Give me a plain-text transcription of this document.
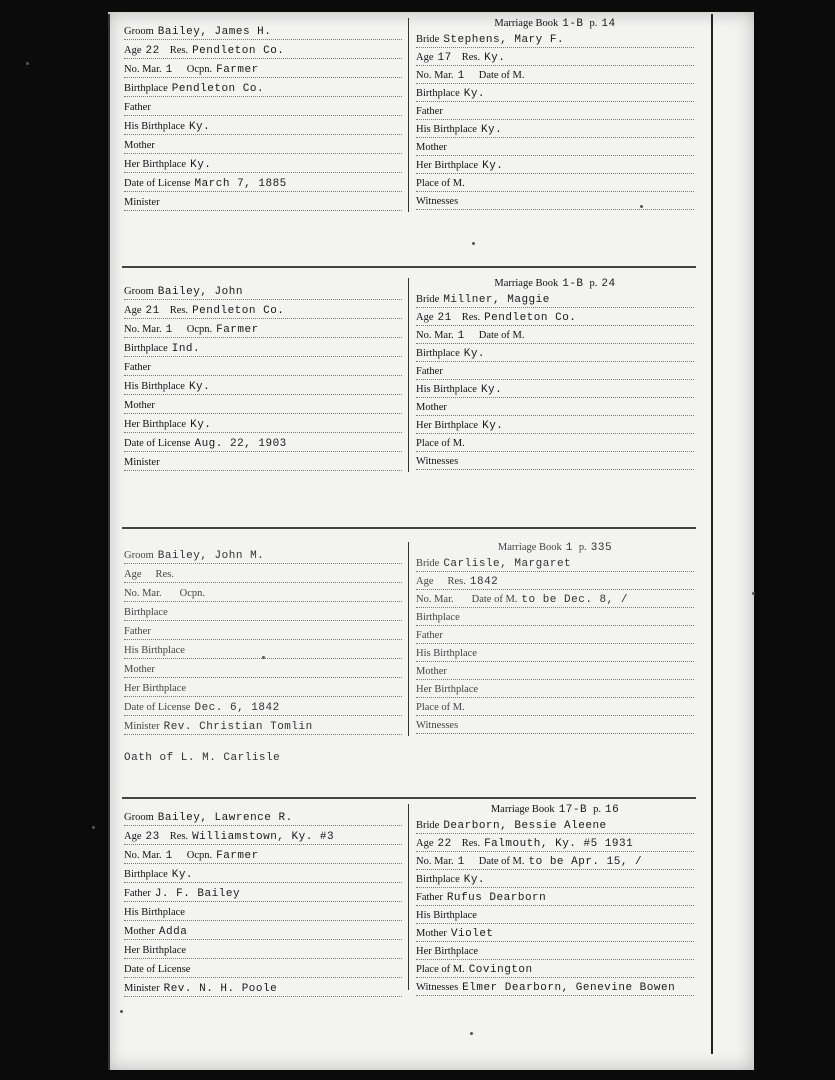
Groom Bailey, James H.
Age 22 Res. Pendleton Co.
No. Mar. 1 Ocpn. Farmer
Birthplace Pendleton Co.
Father
His Birthplace Ky.
Mother
Her Birthplace Ky.
Date of License March 7, 1885
Minister
Marriage Book 1-B p. 14
Bride Stephens, Mary F.
Age 17 Res. Ky.
No. Mar. 1 Date of M.
Birthplace Ky.
Father
His Birthplace Ky.
Mother
Her Birthplace Ky.
Place of M.
Witnesses
Groom Bailey, John
Age 21 Res. Pendleton Co.
No. Mar. 1 Ocpn. Farmer
Birthplace Ind.
Father
His Birthplace Ky.
Mother
Her Birthplace Ky.
Date of License Aug. 22, 1903
Minister
Marriage Book 1-B p. 24
Bride Millner, Maggie
Age 21 Res. Pendleton Co.
No. Mar. 1 Date of M.
Birthplace Ky.
Father
His Birthplace Ky.
Mother
Her Birthplace Ky.
Place of M.
Witnesses
Groom Bailey, John M.
Age Res.
No. Mar. Ocpn.
Birthplace
Father
His Birthplace
Mother
Her Birthplace
Date of License Dec. 6, 1842
Minister Rev. Christian Tomlin
Marriage Book 1 p. 335
Bride Carlisle, Margaret
Age Res. 1842
No. Mar. Date of M. to be Dec. 8, /
Birthplace
Father
His Birthplace
Mother
Her Birthplace
Place of M.
Witnesses
Oath of L. M. Carlisle
Groom Bailey, Lawrence R.
Age 23 Res. Williamstown, Ky. #3
No. Mar. 1 Ocpn. Farmer
Birthplace Ky.
Father J. F. Bailey
His Birthplace
Mother Adda
Her Birthplace
Date of License
Minister Rev. N. H. Poole
Marriage Book 17-B p. 16
Bride Dearborn, Bessie Aleene
Age 22 Res. Falmouth, Ky. #5 1931
No. Mar. 1 Date of M. to be Apr. 15, /
Birthplace Ky.
Father Rufus Dearborn
His Birthplace
Mother Violet
Her Birthplace
Place of M. Covington
Witnesses Elmer Dearborn, Genevine Bowen
